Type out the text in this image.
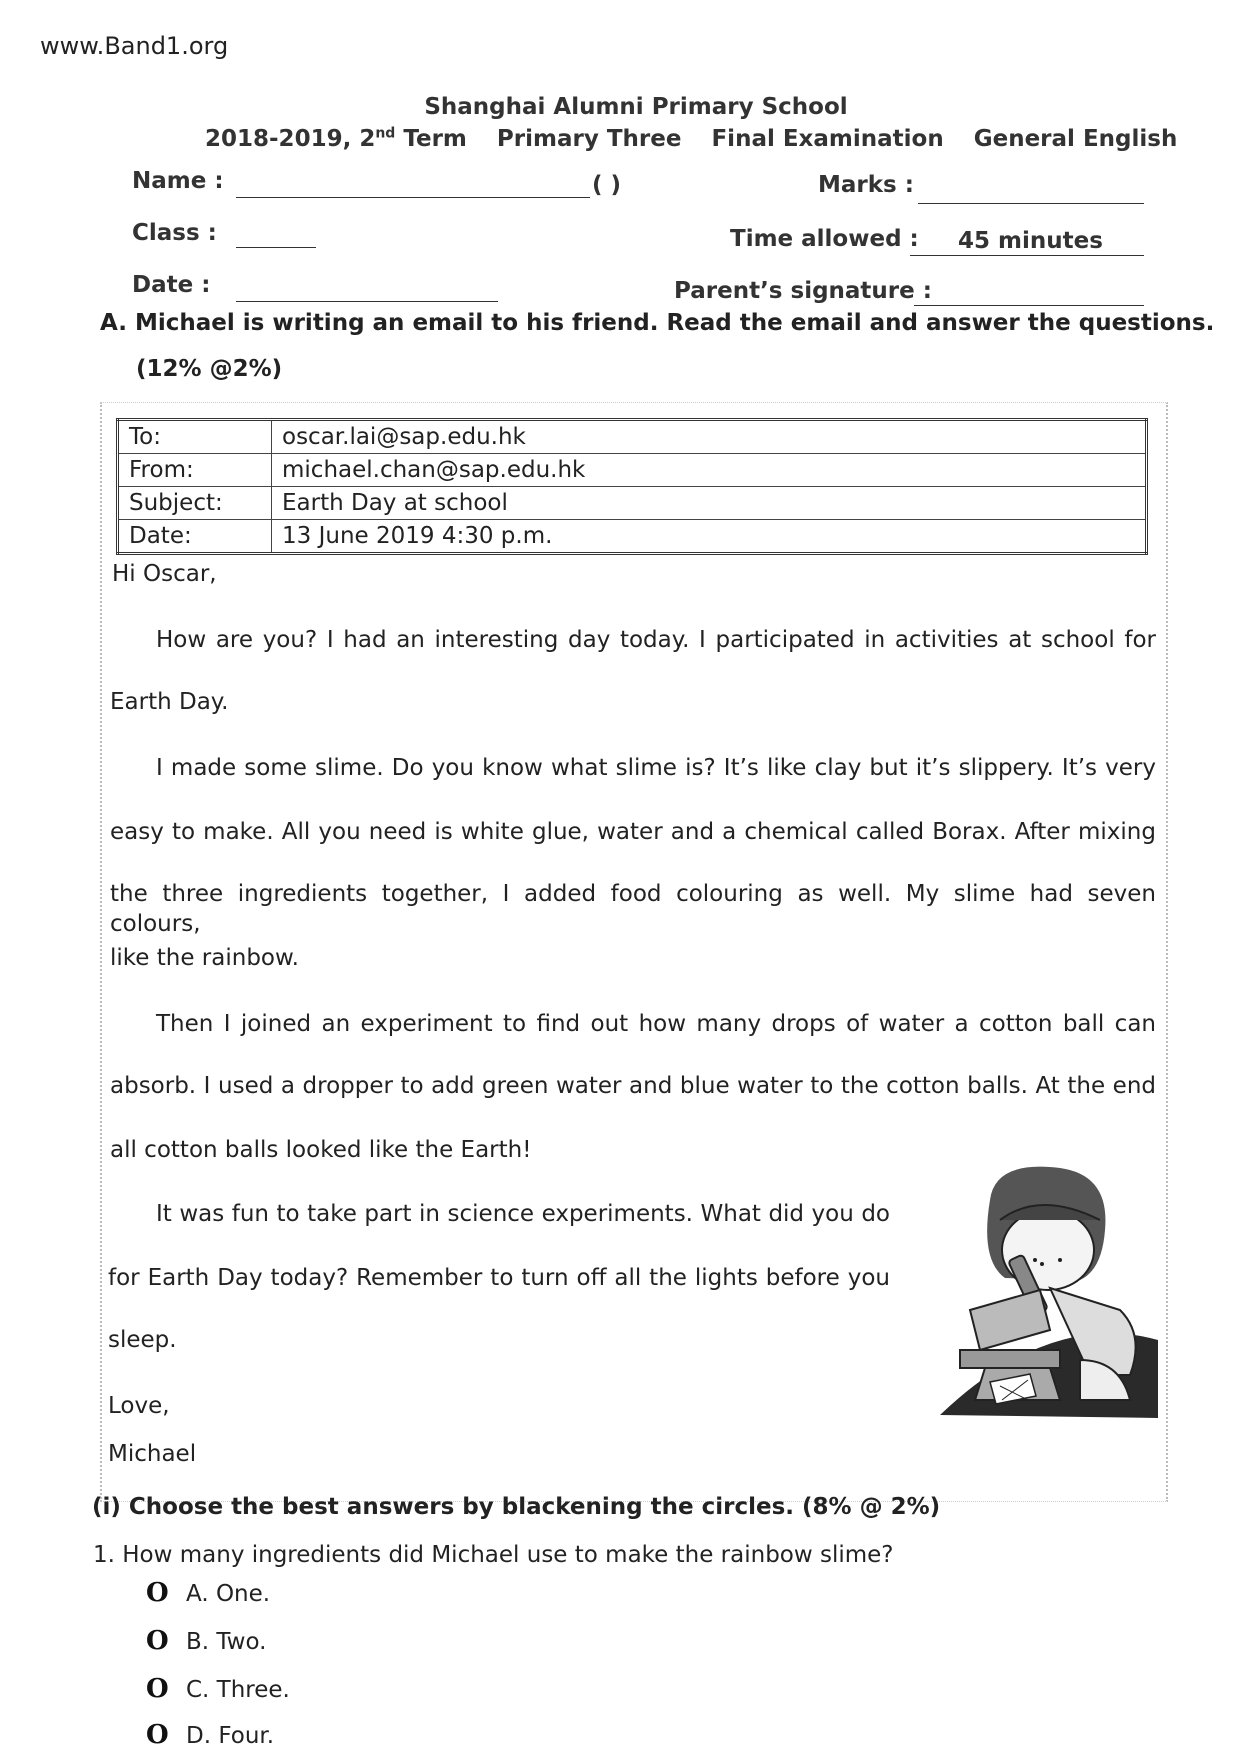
www.Band1.org
Shanghai Alumni Primary School
2018-2019, 2nd Term Primary Three Final Examination General English
Name :	( )	Marks :
Class :	Time allowed : 45 minutes
Date :	Parent’s signature :
A. Michael is writing an email to his friend. Read the email and answer the questions.
(12% @2%)
To:	oscar.lai@sap.edu.hk
From:	michael.chan@sap.edu.hk
Subject:	Earth Day at school
Date:	13 June 2019 4:30 p.m.
Hi Oscar,
How are you? I had an interesting day today. I participated in activities at school for
Earth Day.
I made some slime. Do you know what slime is? It’s like clay but it’s slippery. It’s very
easy to make. All you need is white glue, water and a chemical called Borax. After mixing
the three ingredients together, I added food colouring as well. My slime had seven colours,
like the rainbow.
Then I joined an experiment to find out how many drops of water a cotton ball can
absorb. I used a dropper to add green water and blue water to the cotton balls. At the end
all cotton balls looked like the Earth!
It was fun to take part in science experiments. What did you do
for Earth Day today? Remember to turn off all the lights before you
sleep.
Love,
Michael
(i) Choose the best answers by blackening the circles. (8% @ 2%)
1. How many ingredients did Michael use to make the rainbow slime?
O A. One.
O B. Two.
O C. Three.
O D. Four.
